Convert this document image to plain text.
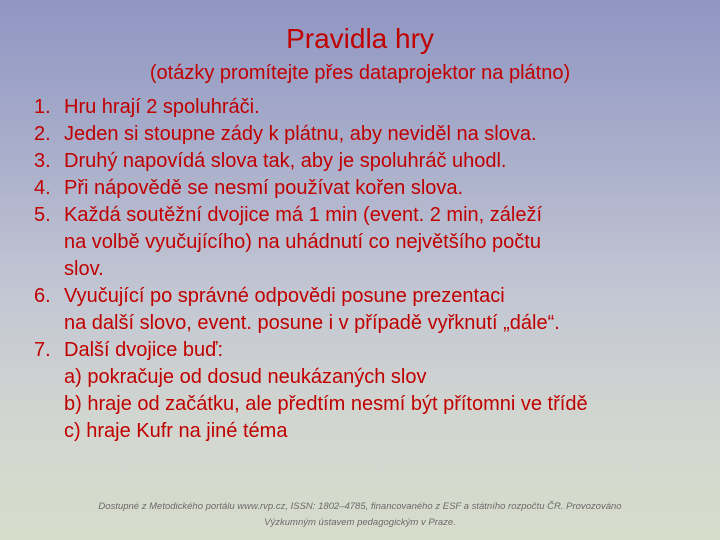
Pravidla hry
(otázky promítejte přes dataprojektor na plátno)
1. Hru hrají 2 spoluhráči.
2. Jeden si stoupne zády k plátnu, aby neviděl na slova.
3. Druhý napovídá slova tak, aby je spoluhráč uhodl.
4. Při nápovědě se nesmí používat kořen slova.
5. Každá soutěžní dvojice má 1 min (event. 2 min, záleží
na volbě vyučujícího) na uhádnutí co největšího počtu
slov.
6. Vyučující po správné odpovědi posune prezentaci
na další slovo, event. posune i v případě vyřknutí „dále“.
7. Další dvojice buď:
a) pokračuje od dosud neukázaných slov
b) hraje od začátku, ale předtím nesmí být přítomni ve třídě
c) hraje Kufr na jiné téma
Dostupné z Metodického portálu www.rvp.cz, ISSN: 1802–4785, financovaného z ESF a státního rozpočtu ČR. Provozováno
Výzkumným ústavem pedagogickým v Praze.
